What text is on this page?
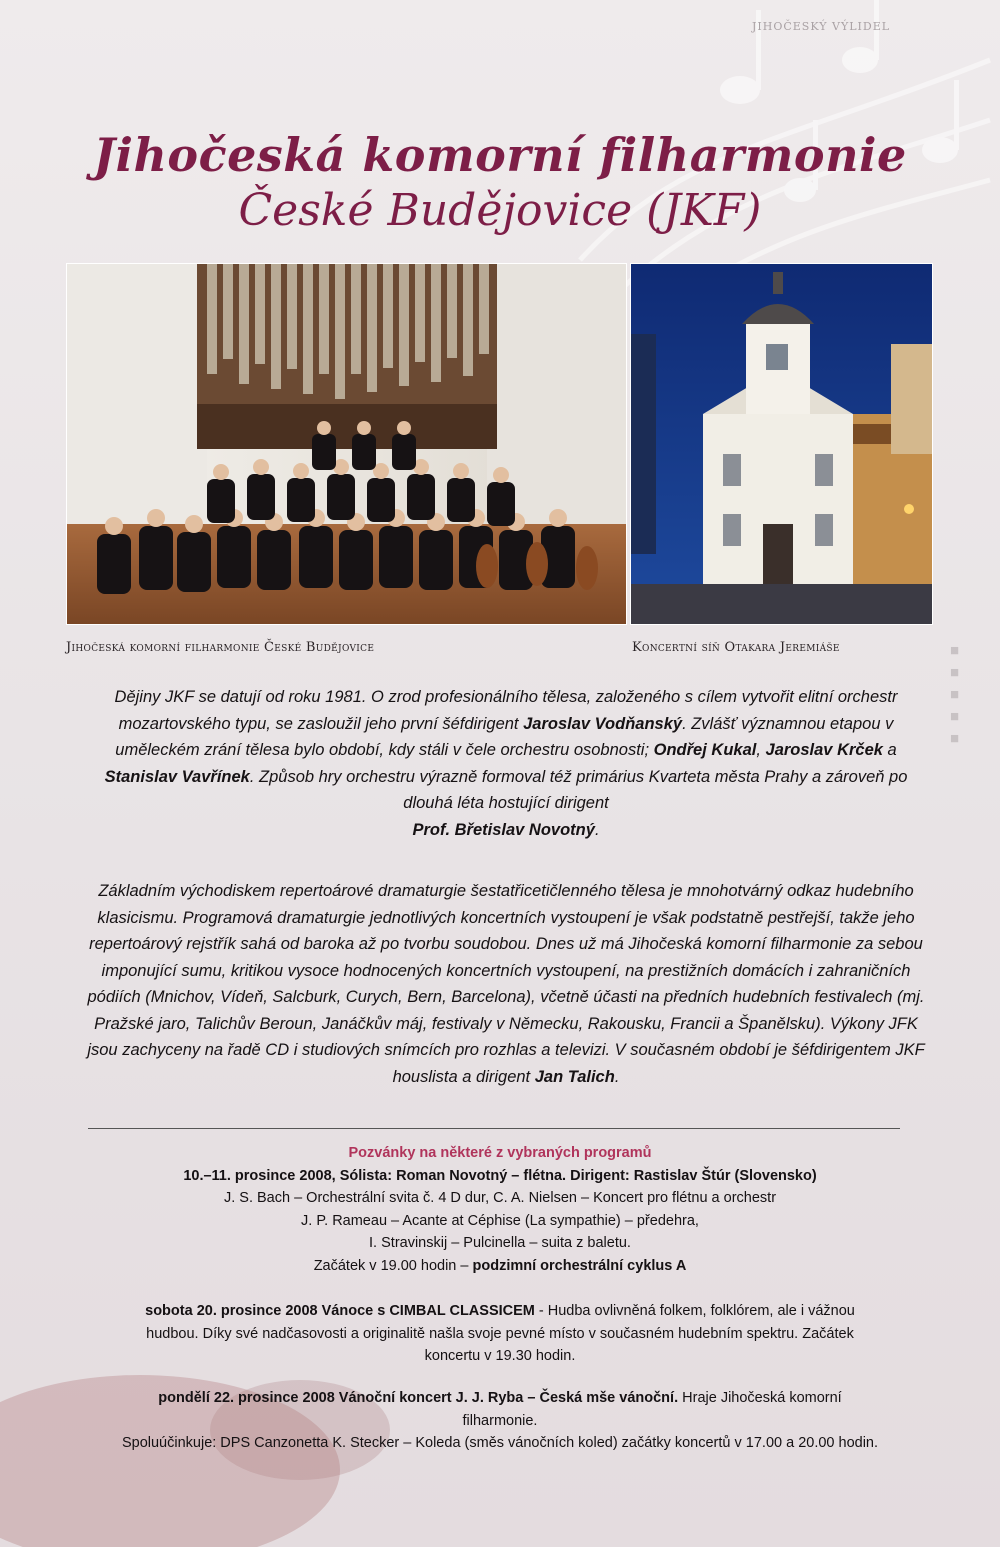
JIHOČESKÝ VÝLIDEL
■
■
■
■
■
Jihočeská komorní filharmonie
České Budějovice (JKF)
Jihočeská komorní filharmonie České Budějovice	Koncertní síň Otakara Jeremiáše
Dějiny JKF se datují od roku 1981. O zrod profesionálního tělesa, založeného s cílem vytvořit elitní orchestr mozartovského typu, se zasloužil jeho první šéfdirigent Jaroslav Vodňanský. Zvlášť významnou etapou v uměleckém zrání tělesa bylo období, kdy stáli v čele orchestru osobnosti; Ondřej Kukal, Jaroslav Krček a Stanislav Vavřínek. Způsob hry orchestru výrazně formoval též primárius Kvarteta města Prahy a zároveň po dlouhá léta hostující dirigent
Prof. Břetislav Novotný.
Základním východiskem repertoárové dramaturgie šestatřicetičlenného tělesa je mnohotvárný odkaz hudebního klasicismu. Programová dramaturgie jednotlivých koncertních vystoupení je však podstatně pestřejší, takže jeho repertoárový rejstřík sahá od baroka až po tvorbu soudobou. Dnes už má Jihočeská komorní filharmonie za sebou imponující sumu, kritikou vysoce hodnocených koncertních vystoupení, na prestižních domácích i zahraničních pódiích (Mnichov, Vídeň, Salcburk, Curych, Bern, Barcelona), včetně účasti na předních hudebních festivalech (mj. Pražské jaro, Talichův Beroun, Janáčkův máj, festivaly v Německu, Rakousku, Francii a Španělsku). Výkony JFK jsou zachyceny na řadě CD i studiových snímcích pro rozhlas a televizi. V současném období je šéfdirigentem JKF houslista a dirigent Jan Talich.
Pozvánky na některé z vybraných programů
10.–11. prosince 2008, Sólista: Roman Novotný – flétna. Dirigent: Rastislav Štúr (Slovensko)
J. S. Bach – Orchestrální svita č. 4 D dur, C. A. Nielsen – Koncert pro flétnu a orchestr
J. P. Rameau – Acante at Céphise (La sympathie) – předehra,
I. Stravinskij – Pulcinella – suita z baletu.
Začátek v 19.00 hodin – podzimní orchestrální cyklus A
sobota 20. prosince 2008 Vánoce s CIMBAL CLASSICEM - Hudba ovlivněná folkem, folklórem, ale i vážnou hudbou. Díky své nadčasovosti a originalitě našla svoje pevné místo v současném hudebním spektru. Začátek koncertu v 19.30 hodin.
pondělí 22. prosince 2008 Vánoční koncert J. J. Ryba – Česká mše vánoční. Hraje Jihočeská komorní filharmonie.
Spoluúčinkuje: DPS Canzonetta K. Stecker – Koleda (směs vánočních koled) začátky koncertů v 17.00 a 20.00 hodin.
